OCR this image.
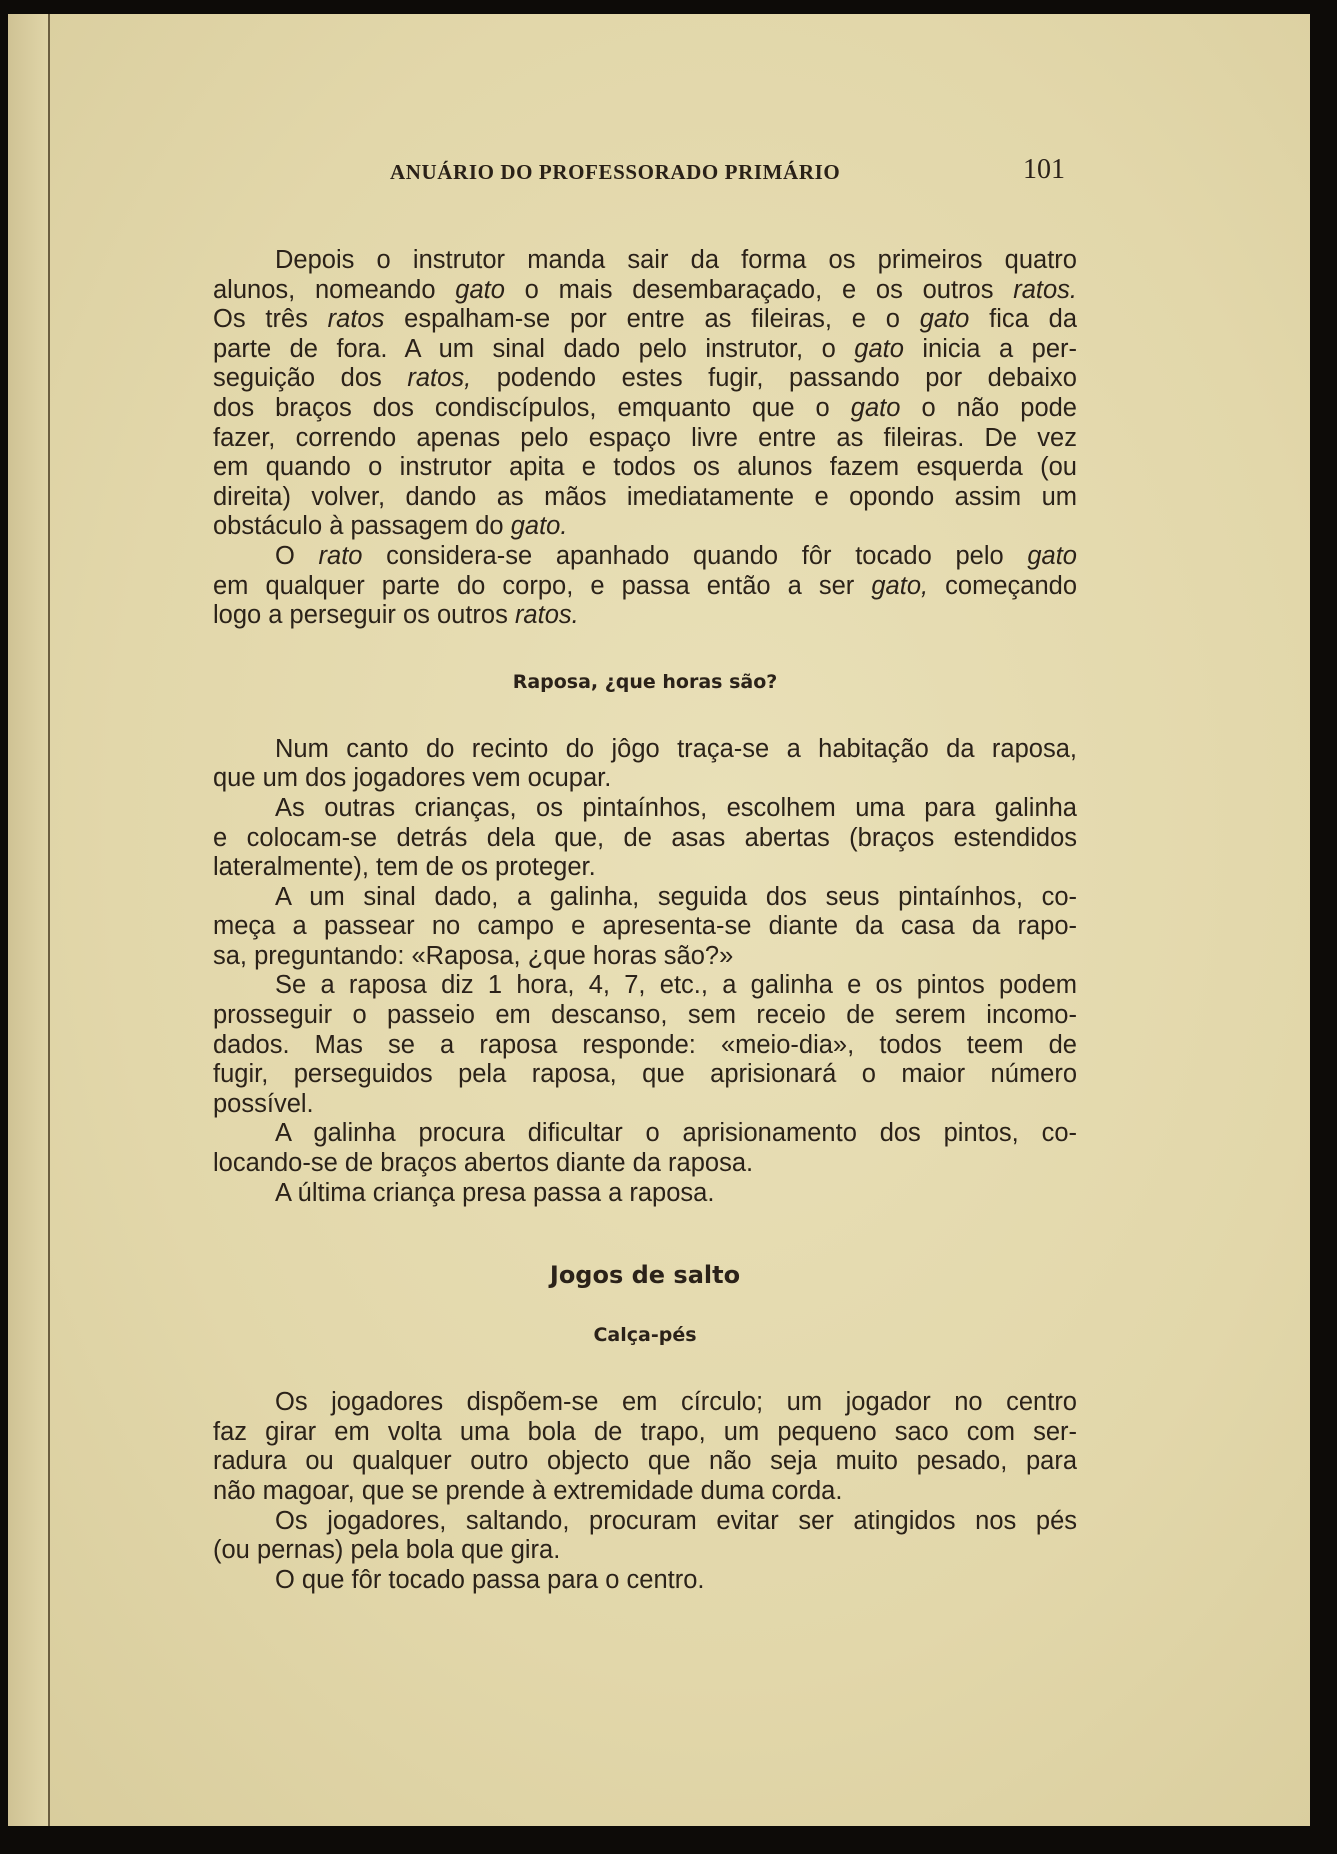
ANUÁRIO DO PROFESSORADO PRIMÁRIO	101
Depois o instrutor manda sair da forma os primeiros quatro
alunos, nomeando gato o mais desembaraçado, e os outros ratos.
Os três ratos espalham-se por entre as fileiras, e o gato fica da
parte de fora. A um sinal dado pelo instrutor, o gato inicia a per-
seguição dos ratos, podendo estes fugir, passando por debaixo
dos braços dos condiscípulos, emquanto que o gato o não pode
fazer, correndo apenas pelo espaço livre entre as fileiras. De vez
em quando o instrutor apita e todos os alunos fazem esquerda (ou
direita) volver, dando as mãos imediatamente e opondo assim um
obstáculo à passagem do gato.
O rato considera-se apanhado quando fôr tocado pelo gato
em qualquer parte do corpo, e passa então a ser gato, começando
logo a perseguir os outros ratos.
Raposa, ¿que horas são?
Num canto do recinto do jôgo traça-se a habitação da raposa,
que um dos jogadores vem ocupar.
As outras crianças, os pintaínhos, escolhem uma para galinha
e colocam-se detrás dela que, de asas abertas (braços estendidos
lateralmente), tem de os proteger.
A um sinal dado, a galinha, seguida dos seus pintaínhos, co-
meça a passear no campo e apresenta-se diante da casa da rapo-
sa, preguntando: «Raposa, ¿que horas são?»
Se a raposa diz 1 hora, 4, 7, etc., a galinha e os pintos podem
prosseguir o passeio em descanso, sem receio de serem incomo-
dados. Mas se a raposa responde: «meio-dia», todos teem de
fugir, perseguidos pela raposa, que aprisionará o maior número
possível.
A galinha procura dificultar o aprisionamento dos pintos, co-
locando-se de braços abertos diante da raposa.
A última criança presa passa a raposa.
Jogos de salto
Calça-pés
Os jogadores dispõem-se em círculo; um jogador no centro
faz girar em volta uma bola de trapo, um pequeno saco com ser-
radura ou qualquer outro objecto que não seja muito pesado, para
não magoar, que se prende à extremidade duma corda.
Os jogadores, saltando, procuram evitar ser atingidos nos pés
(ou pernas) pela bola que gira.
O que fôr tocado passa para o centro.
